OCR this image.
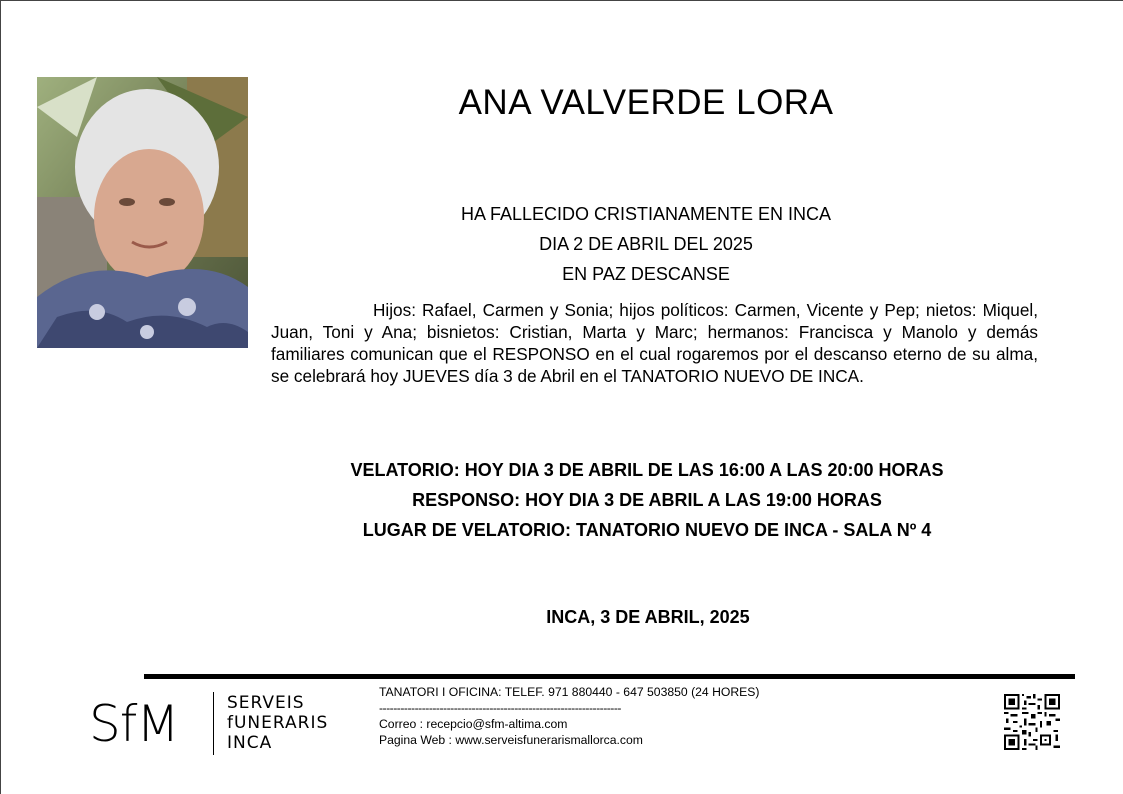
ANA VALVERDE LORA
HA FALLECIDO CRISTIANAMENTE EN INCA
DIA 2 DE ABRIL DEL 2025
EN PAZ DESCANSE
Hijos: Rafael, Carmen y Sonia; hijos políticos: Carmen, Vicente y Pep; nietos: Miquel, Juan, Toni y Ana; bisnietos: Cristian, Marta y Marc; hermanos: Francisca y Manolo y demás familiares comunican que el RESPONSO en el cual rogaremos por el descanso eterno de su alma, se celebrará hoy JUEVES día 3 de Abril en el TANATORIO NUEVO DE INCA.
VELATORIO: HOY DIA 3 DE ABRIL DE LAS 16:00 A LAS 20:00 HORAS
RESPONSO: HOY DIA 3 DE ABRIL A LAS 19:00 HORAS
LUGAR DE VELATORIO: TANATORIO NUEVO DE INCA - SALA Nº 4
INCA, 3 DE ABRIL, 2025
SfM	SERVEIS
fUNERARIS
INCA
TANATORI I OFICINA: TELEF. 971 880440 - 647 503850 (24 HORES)
--------------------------------------------------------------------
Correo : recepcio@sfm-altima.com
Pagina Web : www.serveisfunerarismallorca.com
